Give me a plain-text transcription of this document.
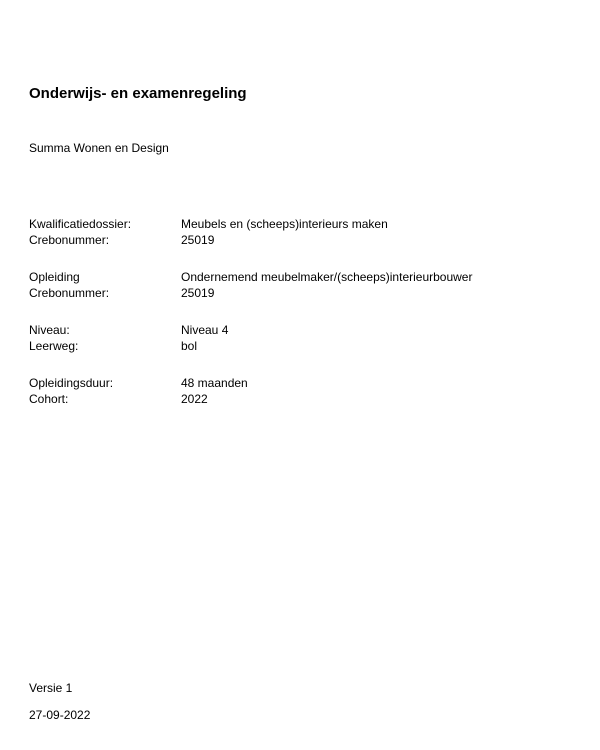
Onderwijs- en examenregeling
Summa Wonen en Design
Kwalificatiedossier:	Meubels en (scheeps)interieurs maken
Crebonummer:	25019
Opleiding	Ondernemend meubelmaker/(scheeps)interieurbouwer
Crebonummer:	25019
Niveau:	Niveau 4
Leerweg:	bol
Opleidingsduur:	48 maanden
Cohort:	2022
Versie 1
27-09-2022
